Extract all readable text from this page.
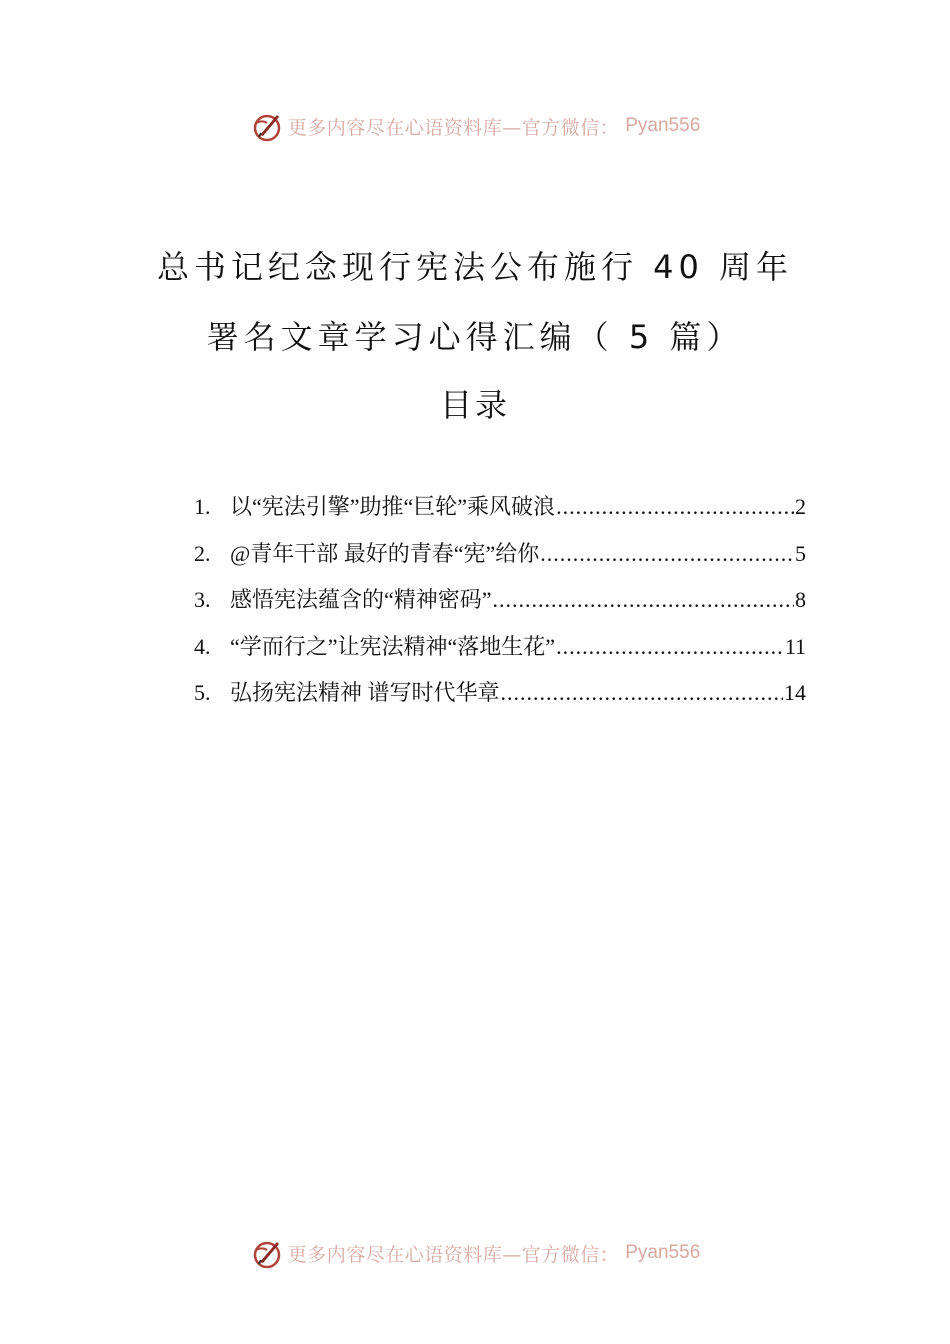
更多内容尽在心语资料库—官方微信： Pyan556
总书记纪念现行宪法公布施行 40 周年
署名文章学习心得汇编（ 5 篇）
目录
1. 以“宪法引擎”助推“巨轮”乘风破浪 .....	2
2. @青年干部 最好的青春“宪”给你 .....	5
3. 感悟宪法蕴含的“精神密码” .....	8
4. “学而行之”让宪法精神“落地生花” .....	11
5. 弘扬宪法精神 谱写时代华章 .....	14
更多内容尽在心语资料库—官方微信： Pyan556
